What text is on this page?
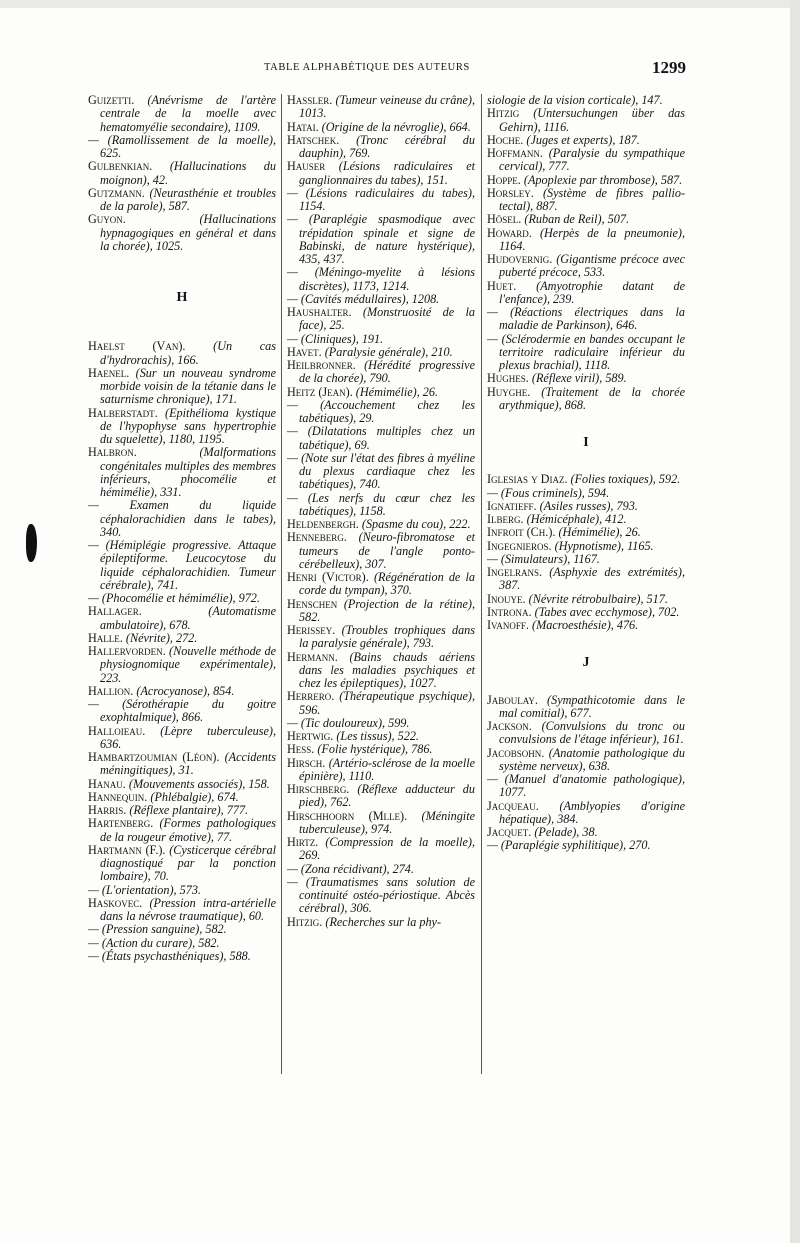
TABLE ALPHABÉTIQUE DES AUTEURS	1299
Guizetti. (Anévrisme de l'artère centrale de la moelle avec hematomyélie secondaire), 1109.
— (Ramollissement de la moelle), 625.
Gulbenkian. (Hallucinations du moignon), 42.
Gutzmann. (Neurasthénie et troubles de la parole), 587.
Guyon.	(Hallucinations hypnagogiques en général et dans la chorée), 1025.
H
Haelst (Van). (Un cas d'hydrorachis), 166.
Haenel. (Sur un nouveau syndrome morbide voisin de la tétanie dans le saturnisme chronique), 171.
Halberstadt. (Epithélioma kystique de l'hypophyse sans hypertrophie du squelette), 1180, 1195.
Halbron.	(Malformations congénitales multiples des membres inférieurs, phocomélie et hémimélie), 331.
— Examen du liquide céphalorachidien dans le tabes), 340.
— (Hémiplégie progressive. Attaque épileptiforme. Leucocytose du liquide céphalorachidien. Tumeur cérébrale), 741.
— (Phocomélie et hémimélie), 972.
Hallager.	(Automatisme ambulatoire), 678.
Halle. (Névrite), 272.
Hallervorden. (Nouvelle méthode de physiognomique expérimentale), 223.
Hallion. (Acrocyanose), 854.
— (Sérothérapie du goitre exophtalmique), 866.
Halloieau. (Lèpre tuberculeuse), 636.
Hambartzoumian (Léon). (Accidents méningitiques), 31.
Hanau. (Mouvements associés), 158.
Hannequin. (Phlébalgie), 674.
Harris. (Réflexe plantaire), 777.
Hartenberg. (Formes pathologiques de la rougeur émotive), 77.
Hartmann (F.). (Cysticerque cérébral diagnostiqué par la ponction lombaire), 70.
— (L'orientation), 573.
Haskovec. (Pression intra-artérielle dans la névrose traumatique), 60.
— (Pression sanguine), 582.
— (Action du curare), 582.
— (États psychasthéniques), 588.
Hassler. (Tumeur veineuse du crâne), 1013.
Hatai. (Origine de la névroglie), 664.
Hatschek. (Tronc cérébral du dauphin), 769.
Hauser (Lésions radiculaires et ganglionnaires du tabes), 151.
— (Lésions radiculaires du tabes), 1154.
— (Paraplégie spasmodique avec trépidation spinale et signe de Babinski, de nature hystérique), 435, 437.
— (Méningo-myelite à lésions discrètes), 1173, 1214.
— (Cavités médullaires), 1208.
Haushalter. (Monstruosité de la face), 25.
— (Cliniques), 191.
Havet. (Paralysie générale), 210.
Heilbronner. (Hérédité progressive de la chorée), 790.
Heitz (Jean). (Hémimélie), 26.
— (Accouchement chez les tabétiques), 29.
— (Dilatations multiples chez un tabétique), 69.
— (Note sur l'état des fibres à myéline du plexus cardiaque chez les tabétiques), 740.
— (Les nerfs du cœur chez les tabétiques), 1158.
Heldenbergh. (Spasme du cou), 222.
Henneberg. (Neuro-fibromatose et tumeurs de l'angle ponto-cérébelleux), 307.
Henri (Victor). (Régénération de la corde du tympan), 370.
Henschen (Projection de la rétine), 582.
Herissey. (Troubles trophiques dans la paralysie générale), 793.
Hermann. (Bains chauds aériens dans les maladies psychiques et chez les épileptiques), 1027.
Herrero. (Thérapeutique psychique), 596.
— (Tic douloureux), 599.
Hertwig. (Les tissus), 522.
Hess. (Folie hystérique), 786.
Hirsch. (Artério-sclérose de la moelle épinière), 1110.
Hirschberg. (Réflexe adducteur du pied), 762.
Hirschhoorn (Mlle). (Méningite tuberculeuse), 974.
Hirtz. (Compression de la moelle), 269.
— (Zona récidivant), 274.
— (Traumatismes sans solution de continuité ostéo-périostique. Abcès cérébral), 306.
Hitzig. (Recherches sur la phy-
siologie de la vision corticale), 147.
Hitzig (Untersuchungen über das Gehirn), 1116.
Hoche. (Juges et experts), 187.
Hoffmann. (Paralysie du sympathique cervical), 777.
Hoppe. (Apoplexie par thrombose), 587.
Horsley. (Système de fibres pallio-tectal), 887.
Hösel. (Ruban de Reil), 507.
Howard. (Herpès de la pneumonie), 1164.
Hudovernig. (Gigantisme précoce avec puberté précoce, 533.
Huet. (Amyotrophie datant de l'enfance), 239.
— (Réactions électriques dans la maladie de Parkinson), 646.
— (Sclérodermie en bandes occupant le territoire radiculaire inférieur du plexus brachial), 1118.
Hughes. (Réflexe viril), 589.
Huyghe. (Traitement de la chorée arythmique), 868.
I
Iglesias y Diaz. (Folies toxiques), 592.
— (Fous criminels), 594.
Ignatieff. (Asiles russes), 793.
Ilberg. (Hémicéphale), 412.
Infroit (Ch.). (Hémimélie), 26.
Ingegnieros. (Hypnotisme), 1165.
— (Simulateurs), 1167.
Ingelrans. (Asphyxie des extrémités), 387.
Inouye. (Névrite rétrobulbaire), 517.
Introna. (Tabes avec ecchymose), 702.
Ivanoff. (Macroesthésie), 476.
J
Jaboulay. (Sympathicotomie dans le mal comitial), 677.
Jackson. (Convulsions du tronc ou convulsions de l'étage inférieur), 161.
Jacobsohn. (Anatomie pathologique du système nerveux), 638.
— (Manuel d'anatomie pathologique), 1077.
Jacqueau. (Amblyopies d'origine hépatique), 384.
Jacquet. (Pelade), 38.
— (Paraplégie syphilitique), 270.
